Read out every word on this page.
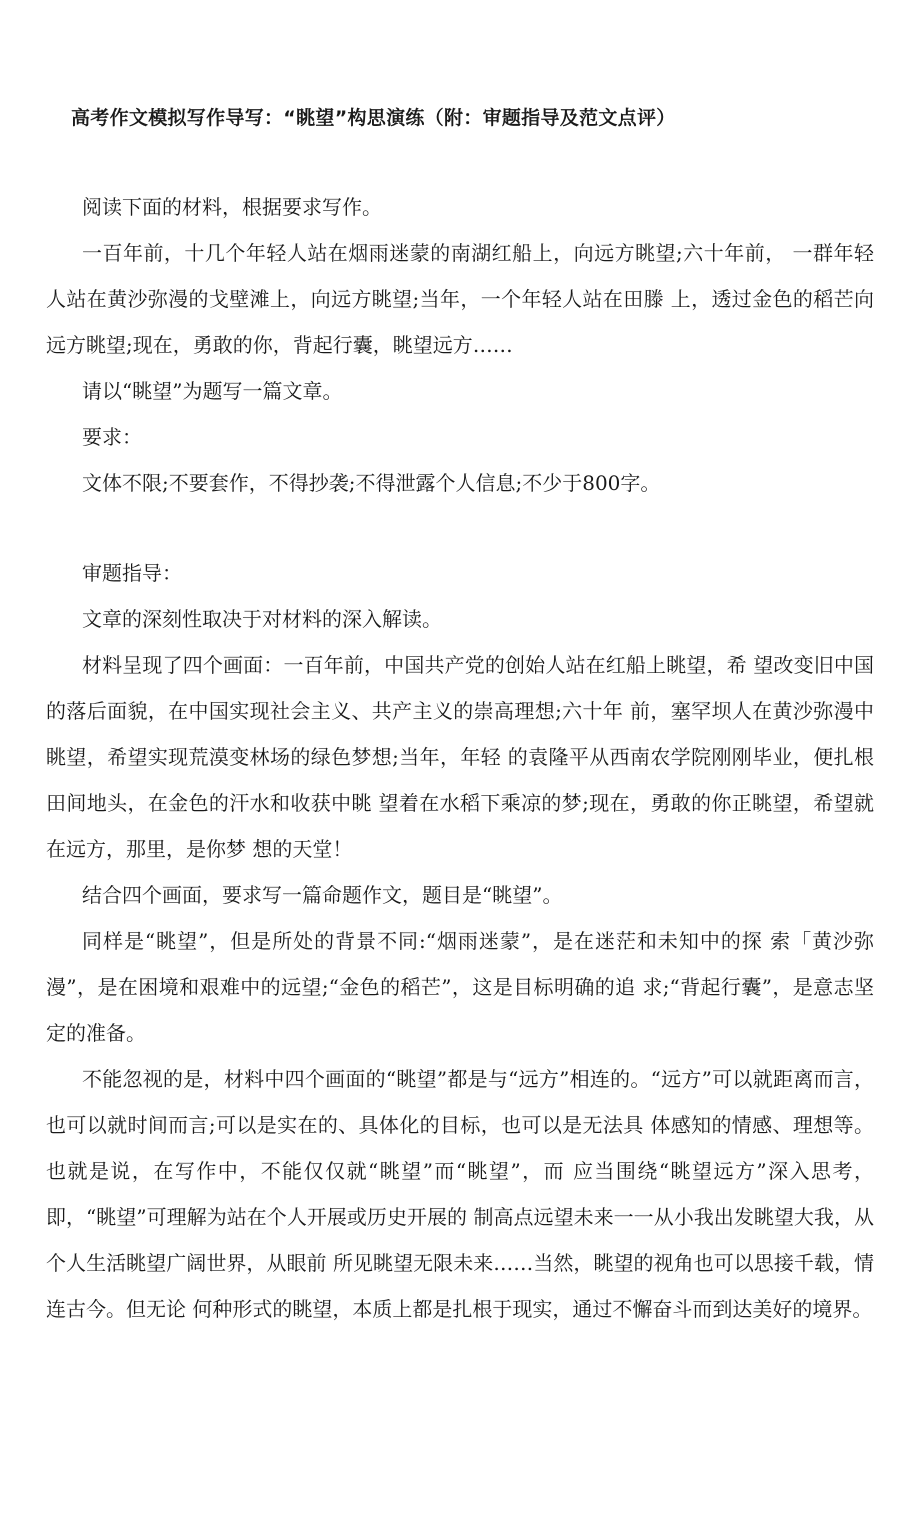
高考作文模拟写作导写：“眺望”构思演练（附：审题指导及范文点评）

阅读下面的材料，根据要求写作。

一百年前，十几个年轻人站在烟雨迷蒙的南湖红船上，向远方眺望;六十年前， 一群年轻人站在黄沙弥漫的戈壁滩上，向远方眺望;当年，一个年轻人站在田滕 上，透过金色的稻芒向远方眺望;现在，勇敢的你，背起行囊，眺望远方……

请以“眺望”为题写一篇文章。

要求：

文体不限;不要套作，不得抄袭;不得泄露个人信息;不少于800字。

审题指导：

文章的深刻性取决于对材料的深入解读。

材料呈现了四个画面：一百年前，中国共产党的创始人站在红船上眺望，希 望改变旧中国的落后面貌，在中国实现社会主义、共产主义的崇高理想;六十年 前，塞罕坝人在黄沙弥漫中眺望，希望实现荒漠变林场的绿色梦想;当年，年轻 的袁隆平从西南农学院刚刚毕业，便扎根田间地头，在金色的汗水和收获中眺 望着在水稻下乘凉的梦;现在，勇敢的你正眺望，希望就在远方，那里，是你梦 想的天堂！

结合四个画面，要求写一篇命题作文，题目是“眺望”。

同样是“眺望”，但是所处的背景不同:“烟雨迷蒙”，是在迷茫和未知中的探 索「黄沙弥漫”，是在困境和艰难中的远望;“金色的稻芒”，这是目标明确的追 求;“背起行囊”，是意志坚定的准备。

不能忽视的是，材料中四个画面的“眺望”都是与“远方”相连的。“远方”可以就距离而言，也可以就时间而言;可以是实在的、具体化的目标，也可以是无法具 体感知的情感、理想等。也就是说，在写作中，不能仅仅就“眺望”而“眺望”，而 应当围绕“眺望远方”深入思考，即，“眺望”可理解为站在个人开展或历史开展的 制高点远望未来一一从小我出发眺望大我，从个人生活眺望广阔世界，从眼前 所见眺望无限未来……当然，眺望的视角也可以思接千载，情连古今。但无论 何种形式的眺望，本质上都是扎根于现实，通过不懈奋斗而到达美好的境界。
